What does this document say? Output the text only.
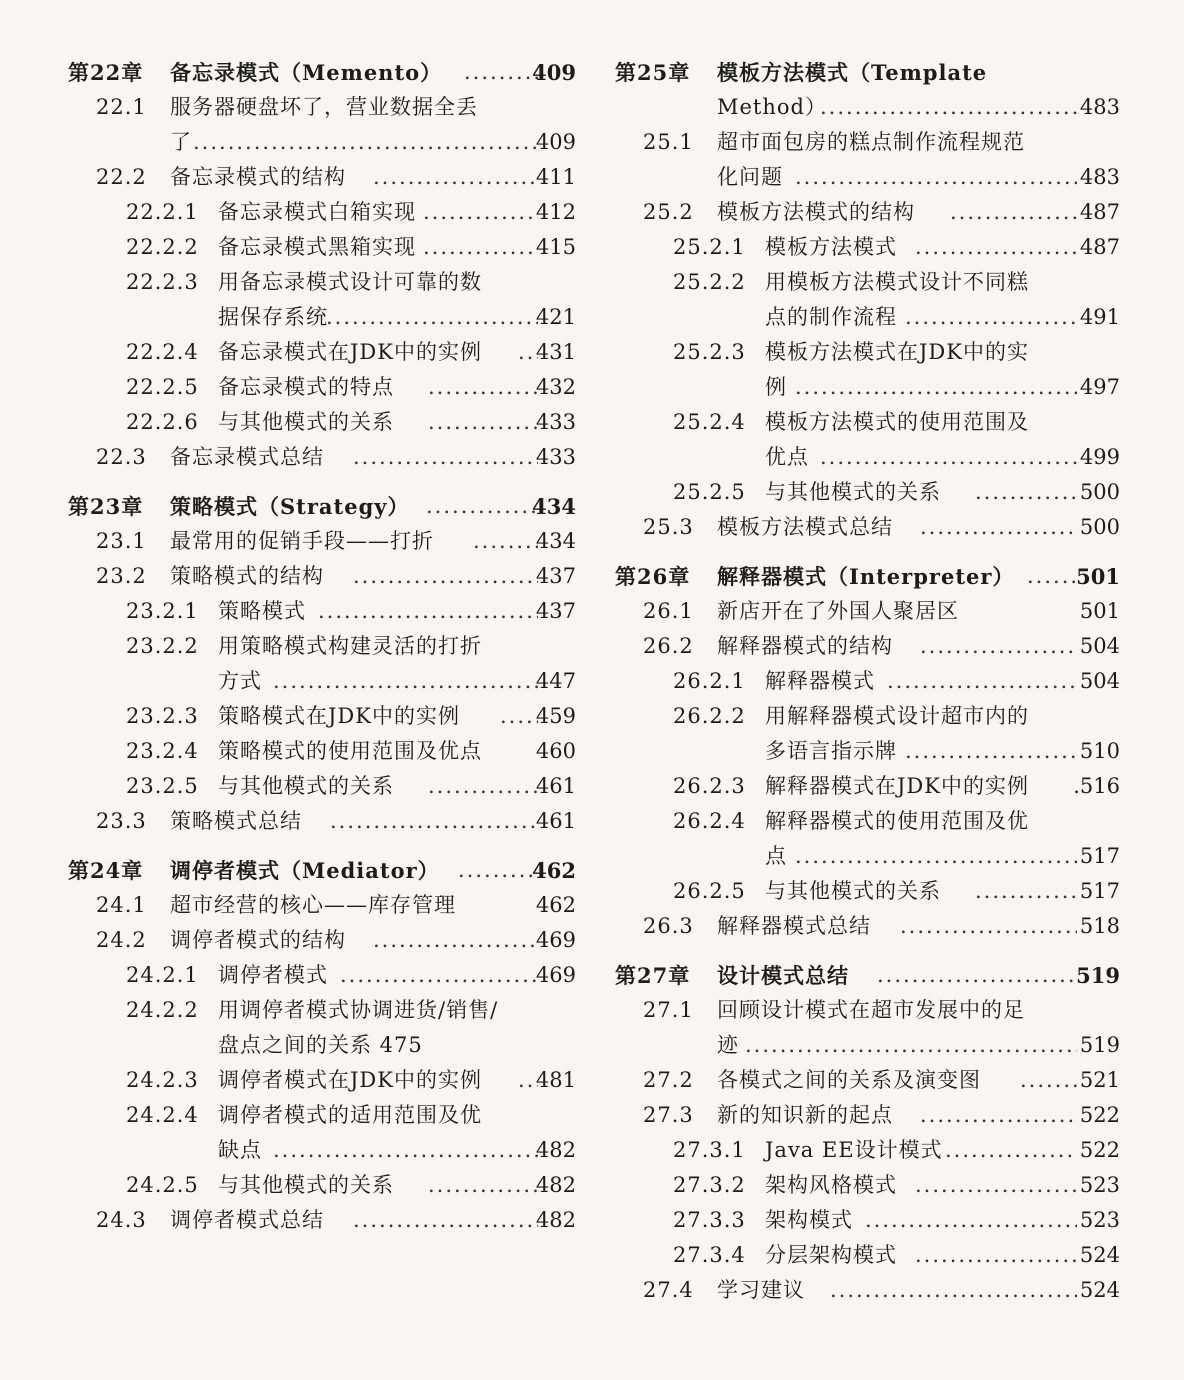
第22章 备忘录模式（Memento） .....	409
22.1 服务器硬盘坏了，营业数据全丢
了 .....	409
22.2 备忘录模式的结构 .....	411
22.2.1 备忘录模式白箱实现 .....	412
22.2.2 备忘录模式黑箱实现 .....	415
22.2.3 用备忘录模式设计可靠的数
据保存系统 .....	421
22.2.4 备忘录模式在JDK中的实例 .....	431
22.2.5 备忘录模式的特点 .....	432
22.2.6 与其他模式的关系 .....	433
22.3 备忘录模式总结 .....	433
第23章 策略模式（Strategy） .....	434
23.1 最常用的促销手段——打折 .....	434
23.2 策略模式的结构 .....	437
23.2.1 策略模式 .....	437
23.2.2 用策略模式构建灵活的打折
方式 .....	447
23.2.3 策略模式在JDK中的实例 .....	459
23.2.4 策略模式的使用范围及优点	460
23.2.5 与其他模式的关系 .....	461
23.3 策略模式总结 .....	461
第24章 调停者模式（Mediator） .....	462
24.1 超市经营的核心——库存管理	462
24.2 调停者模式的结构 .....	469
24.2.1 调停者模式 .....	469
24.2.2 用调停者模式协调进货/销售/
盘点之间的关系 475
24.2.3 调停者模式在JDK中的实例 .....	481
24.2.4 调停者模式的适用范围及优
缺点 .....	482
24.2.5 与其他模式的关系 .....	482
24.3 调停者模式总结 .....	482
第25章 模板方法模式（Template
Method） .....	483
25.1 超市面包房的糕点制作流程规范
化问题 .....	483
25.2 模板方法模式的结构 .....	487
25.2.1 模板方法模式 .....	487
25.2.2 用模板方法模式设计不同糕
点的制作流程 .....	491
25.2.3 模板方法模式在JDK中的实
例 .....	497
25.2.4 模板方法模式的使用范围及
优点 .....	499
25.2.5 与其他模式的关系 .....	500
25.3 模板方法模式总结 .....	500
第26章 解释器模式（Interpreter） .....	501
26.1 新店开在了外国人聚居区	501
26.2 解释器模式的结构 .....	504
26.2.1 解释器模式 .....	504
26.2.2 用解释器模式设计超市内的
多语言指示牌 .....	510
26.2.3 解释器模式在JDK中的实例 .516
26.2.4 解释器模式的使用范围及优
点 .....	517
26.2.5 与其他模式的关系 .....	517
26.3 解释器模式总结 .....	518
第27章 设计模式总结 .....	519
27.1 回顾设计模式在超市发展中的足
迹 .....	519
27.2 各模式之间的关系及演变图 .....	521
27.3 新的知识新的起点 .....	522
27.3.1 Java EE设计模式 .....	522
27.3.2 架构风格模式 .....	523
27.3.3 架构模式 .....	523
27.3.4 分层架构模式 .....	524
27.4 学习建议 .....	524
